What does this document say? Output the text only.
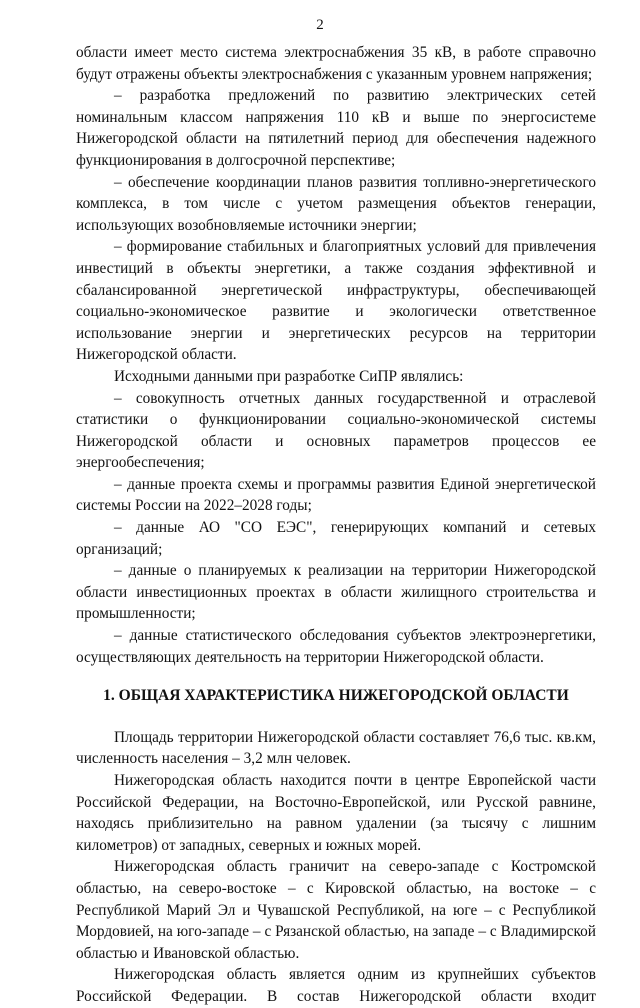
2

области имеет место система электроснабжения 35 кВ, в работе справочно будут отражены объекты электроснабжения с указанным уровнем напряжения;

– разработка предложений по развитию электрических сетей номинальным классом напряжения 110 кВ и выше по энергосистеме Нижегородской области на пятилетний период для обеспечения надежного функционирования в долгосрочной перспективе;

– обеспечение координации планов развития топливно-энергетического комплекса, в том числе с учетом размещения объектов генерации, использующих возобновляемые источники энергии;

– формирование стабильных и благоприятных условий для привлечения инвестиций в объекты энергетики, а также создания эффективной и сбалансированной энергетической инфраструктуры, обеспечивающей социально-экономическое развитие и экологически ответственное использование энергии и энергетических ресурсов на территории Нижегородской области.

Исходными данными при разработке СиПР являлись:

– совокупность отчетных данных государственной и отраслевой статистики о функционировании социально-экономической системы Нижегородской области и основных параметров процессов ее энергообеспечения;

– данные проекта схемы и программы развития Единой энергетической системы России на 2022–2028 годы;

– данные АО "СО ЕЭС", генерирующих компаний и сетевых организаций;

– данные о планируемых к реализации на территории Нижегородской области инвестиционных проектах в области жилищного строительства и промышленности;

– данные статистического обследования субъектов электроэнергетики, осуществляющих деятельность на территории Нижегородской области.

1. ОБЩАЯ ХАРАКТЕРИСТИКА НИЖЕГОРОДСКОЙ ОБЛАСТИ

Площадь территории Нижегородской области составляет 76,6 тыс. кв.км, численность населения – 3,2 млн человек.

Нижегородская область находится почти в центре Европейской части Российской Федерации, на Восточно-Европейской, или Русской равнине, находясь приблизительно на равном удалении (за тысячу с лишним километров) от западных, северных и южных морей.

Нижегородская область граничит на северо-западе с Костромской областью, на северо-востоке – с Кировской областью, на востоке – с Республикой Марий Эл и Чувашской Республикой, на юге – с Республикой Мордовией, на юго-западе – с Рязанской областью, на западе – с Владимирской областью и Ивановской областью.

Нижегородская область является одним из крупнейших субъектов Российской Федерации. В состав Нижегородской области входит
